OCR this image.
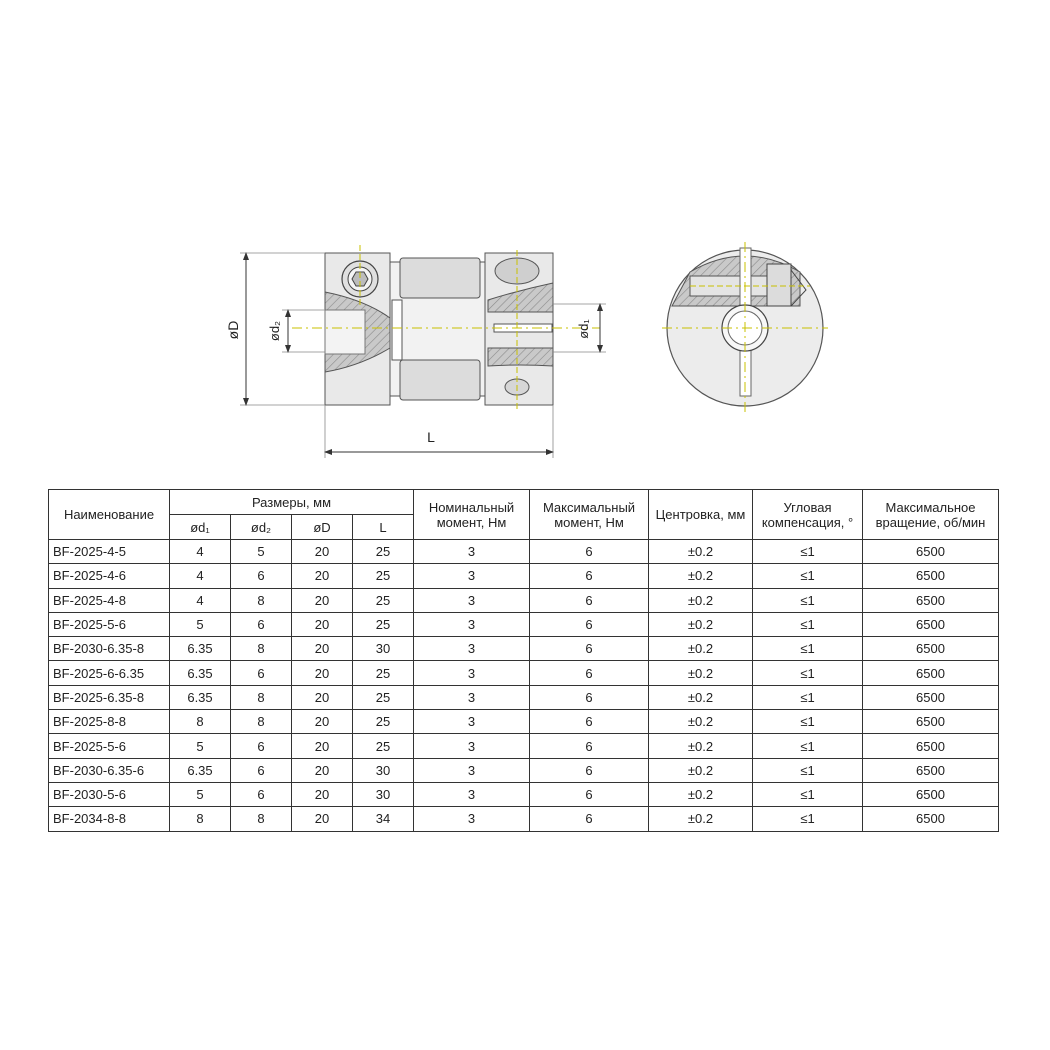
øD ød₂	ød₁
L
Наименование	Размеры, мм				Номинальный момент, Нм	Максимальный момент, Нм	Центровка, мм	Угловая компенсация, °	Максимальное вращение, об/мин
	ød₁	ød₂	øD	L					
BF-2025-4-5	4	5	20	25	3	6	±0.2	≤1	6500
BF-2025-4-6	4	6	20	25	3	6	±0.2	≤1	6500
BF-2025-4-8	4	8	20	25	3	6	±0.2	≤1	6500
BF-2025-5-6	5	6	20	25	3	6	±0.2	≤1	6500
BF-2030-6.35-8	6.35	8	20	30	3	6	±0.2	≤1	6500
BF-2025-6-6.35	6.35	6	20	25	3	6	±0.2	≤1	6500
BF-2025-6.35-8	6.35	8	20	25	3	6	±0.2	≤1	6500
BF-2025-8-8	8	8	20	25	3	6	±0.2	≤1	6500
BF-2025-5-6	5	6	20	25	3	6	±0.2	≤1	6500
BF-2030-6.35-6	6.35	6	20	30	3	6	±0.2	≤1	6500
BF-2030-5-6	5	6	20	30	3	6	±0.2	≤1	6500
BF-2034-8-8	8	8	20	34	3	6	±0.2	≤1	6500
